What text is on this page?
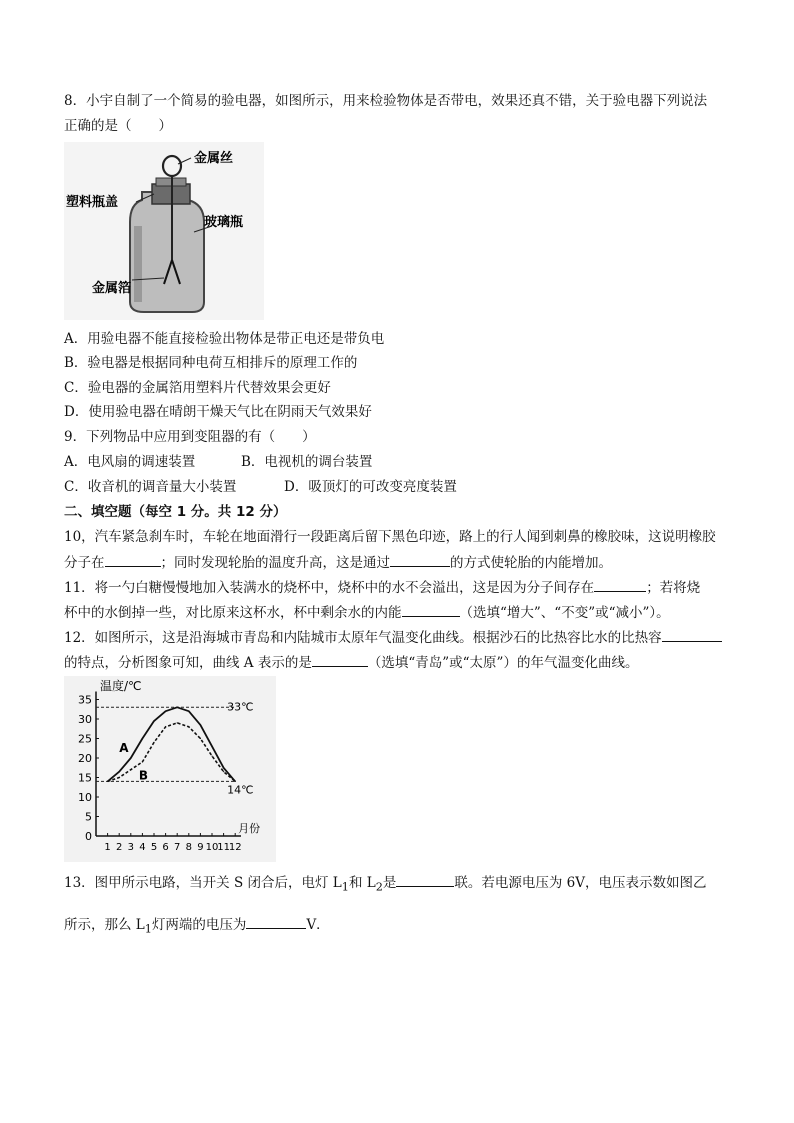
8．小宇自制了一个简易的验电器，如图所示，用来检验物体是否带电，效果还真不错，关于验电器下列说法
正确的是（　　）
金属丝
塑料瓶盖
玻璃瓶
金属箔
A．用验电器不能直接检验出物体是带正电还是带负电
B．验电器是根据同种电荷互相排斥的原理工作的
C．验电器的金属箔用塑料片代替效果会更好
D．使用验电器在晴朗干燥天气比在阴雨天气效果好
9．下列物品中应用到变阻器的有（　　）
A．电风扇的调速装置	B．电视机的调台装置
C．收音机的调音量大小装置	D．吸顶灯的可改变亮度装置
二、填空题（每空 1 分。共 12 分）
10，汽车紧急刹车时，车轮在地面滑行一段距离后留下黑色印迹，路上的行人闻到刺鼻的橡胶味，这说明橡胶
分子在	；同时发现轮胎的温度升高，这是通过	的方式使轮胎的内能增加。
11．将一勺白糖慢慢地加入装满水的烧杯中，烧杯中的水不会溢出，这是因为分子间存在	；若将烧
杯中的水倒掉一些，对比原来这杯水，杯中剩余水的内能	（选填“增大”、“不变”或“减小”）。
12．如图所示，这是沿海城市青岛和内陆城市太原年气温变化曲线。根据沙石的比热容比水的比热容
的特点，分析图象可知，曲线 A 表示的是	（选填“青岛”或“太原”）的年气温变化曲线。
35
30
25
20
15
10
5
0
1 2 3 4 5 6 7 8 9 10
11
12
温度/℃
月份
33℃
14℃
A
B
13．图甲所示电路，当开关 S 闭合后，电灯 $L_1$和 $L_2$是	联。若电源电压为 6V，电压表示数如图乙
所示，那么 $L_1$灯两端的电压为	V．
